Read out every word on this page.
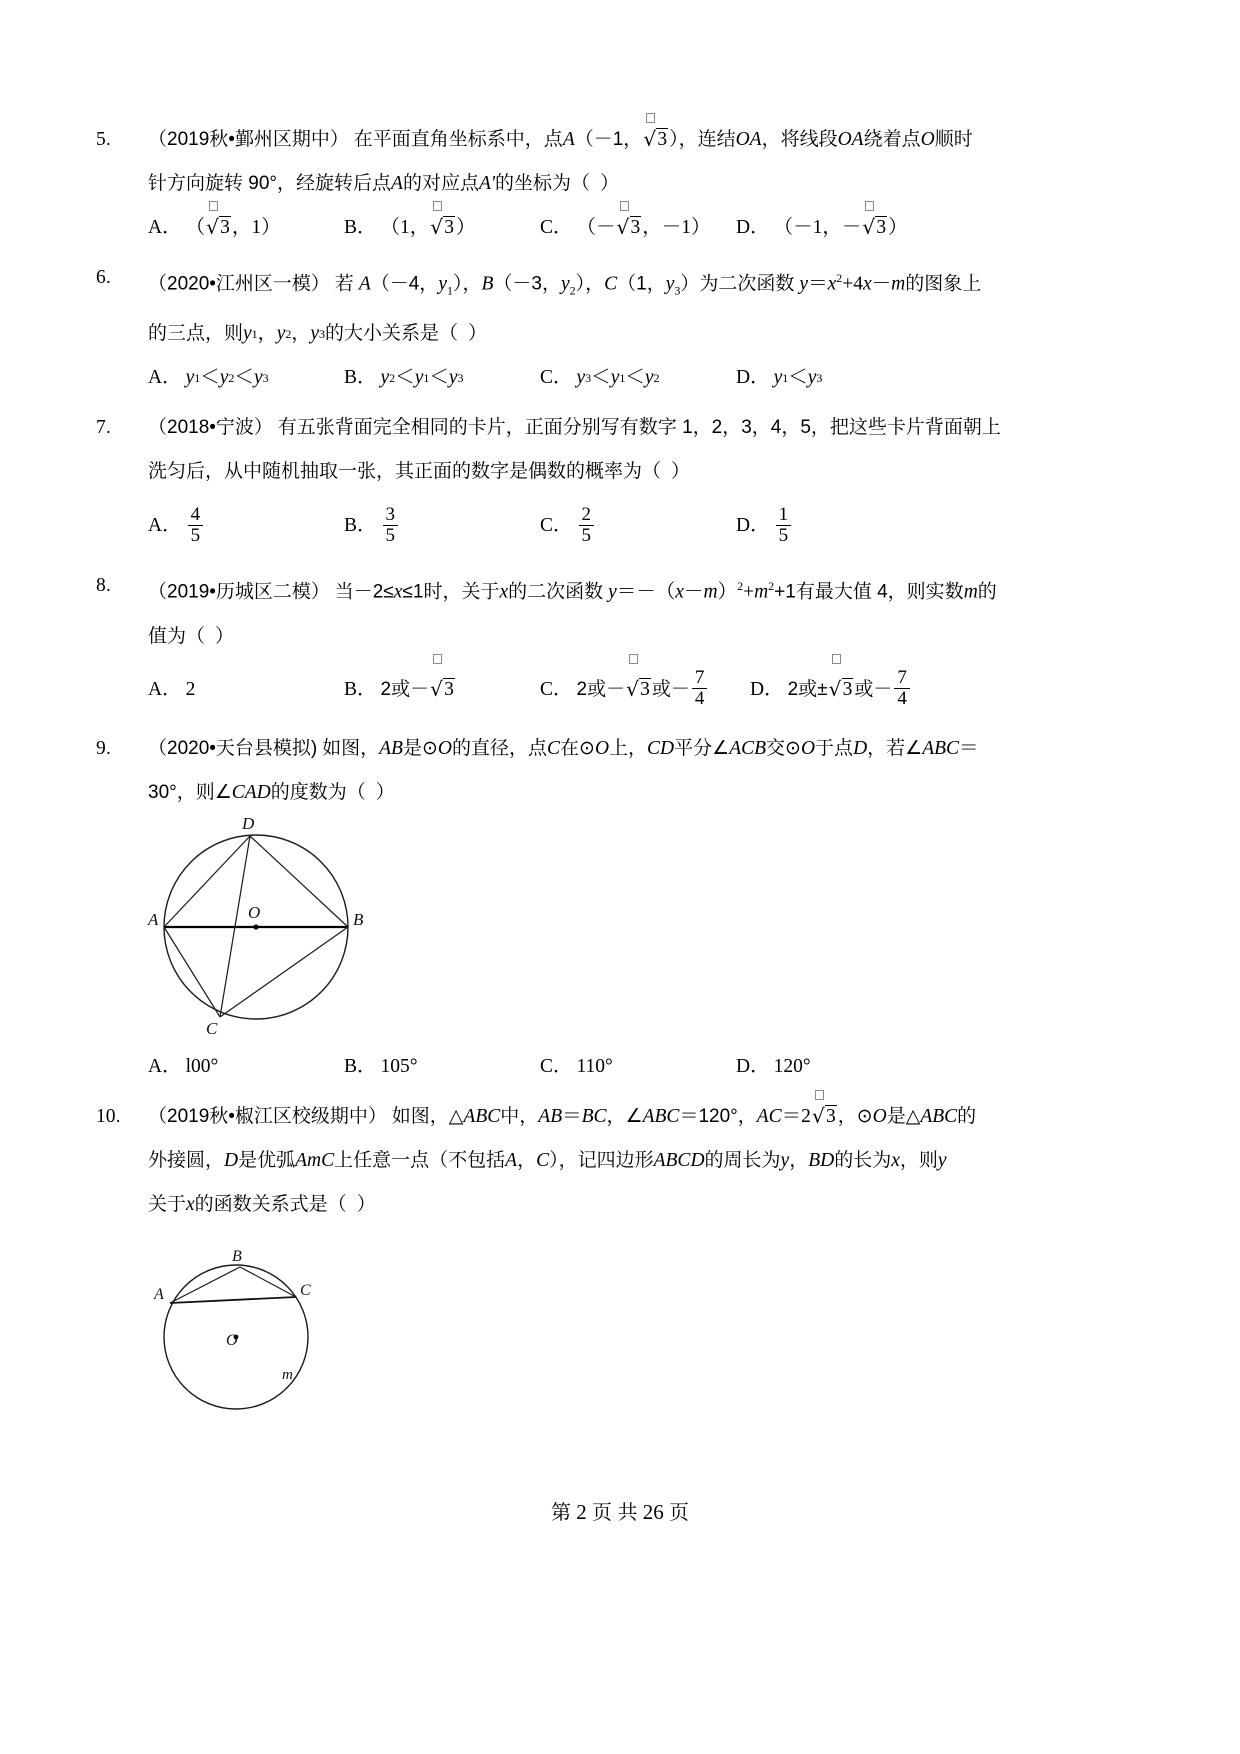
5.	（2019秋•鄞州区期中） 在平面直角坐标系中，点A（－1， √ 3 ），连结OA，将线段OA绕着点O顺时
针方向旋转 90°，经旋转后点 A 的对应点 A' 的坐标为（ ）
A． （ √ 3 ，1）	B． （1， √ 3 ）	C． （－ √ 3 ，－1） D． （－1，－ √ 3 ）
6.	（2020•江州区一模） 若 A（－4，$y_1$），B（－3，$y_2$），C（1，$y_3$）为二次函数 $y=x^2+4x-m$的图象上
的三点，则 y 1 ， y 2 ， y 3 的大小关系是（ ）
A． y 1 ＜ y 2 ＜ y 3	B． y 2 ＜ y 1 ＜ y 3	C． y 3 ＜ y 1 ＜ y 2	D． y 1 ＜ y 3
7.	（2018•宁波） 有五张背面完全相同的卡片，正面分别写有数字 1，2，3，4，5，把这些卡片背面朝上
洗匀后，从中随机抽取一张，其正面的数字是偶数的概率为（ ）
A． $\frac{4}{5}$	B． $\frac{3}{5}$	C． $\frac{2}{5}$	D． $\frac{1}{5}$
8.	（2019•历城区二模） 当－2≤x≤1时，关于x的二次函数 $y=-(x-m)^2+m^2+1$有最大值 4，则实数m的
值为（ ）
A． 2	B． 2或－ √ 3	C． 2或－ √ 3 或－ $\frac{7}{4}$ D． 2或± √ 3 或－ $\frac{7}{4}$
9.	（2020•天台县模拟) 如图，AB是⊙O的直径，点C在⊙O上，CD平分∠ACB交⊙O于点D，若∠ABC＝
30°，则∠ CAD 的度数为（ ）
D
A	B
C
O
A． l00°	B． 105°	C． 110°	D． 120°
10.	（2019秋•椒江区校级期中） 如图，△ABC中，AB＝BC，∠ABC＝120°，AC＝2 √ 3 ，⊙O是△ABC的
外接圆， D 是优弧 AmC 上任意一点（不包括 A ， C ），记四边形 ABCD 的周长为 y ， BD 的长为 x ，则 y
关于 x 的函数关系式是（ ）
B
A	C
O
m
第 2 页 共 26 页
